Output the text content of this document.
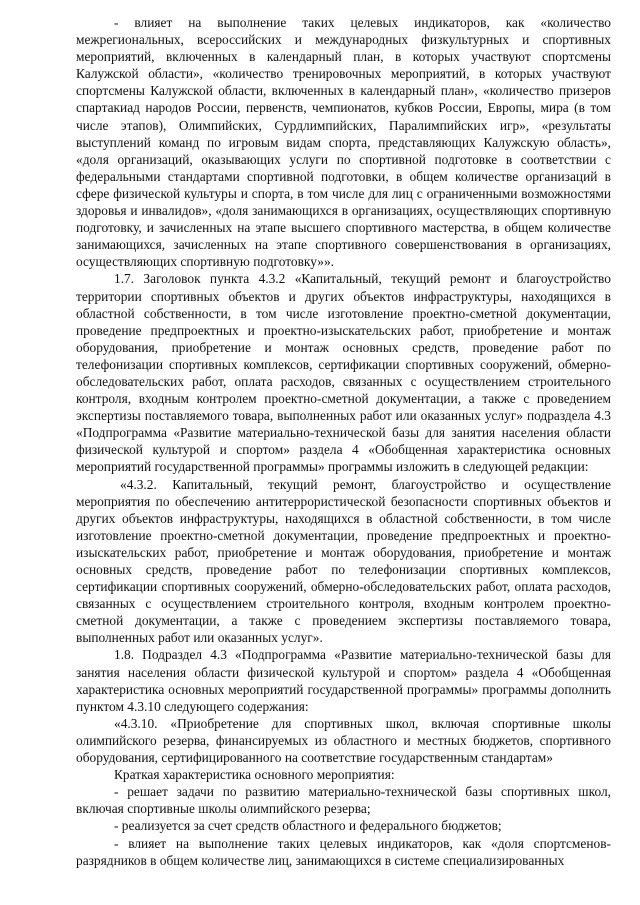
- влияет на выполнение таких целевых индикаторов, как «количество межрегиональных, всероссийских и международных физкультурных и спортивных мероприятий, включенных в календарный план, в которых участвуют спортсмены Калужской области», «количество тренировочных мероприятий, в которых участвуют спортсмены Калужской области, включенных в календарный план», «количество призеров спартакиад народов России, первенств, чемпионатов, кубков России, Европы, мира (в том числе этапов), Олимпийских, Сурдлимпийских, Паралимпийских игр», «результаты выступлений команд по игровым видам спорта, представляющих Калужскую область», «доля организаций, оказывающих услуги по спортивной подготовке в соответствии с федеральными стандартами спортивной подготовки, в общем количестве организаций в сфере физической культуры и спорта, в том числе для лиц с ограниченными возможностями здоровья и инвалидов», «доля занимающихся в организациях, осуществляющих спортивную подготовку, и зачисленных на этапе высшего спортивного мастерства, в общем количестве занимающихся, зачисленных на этапе спортивного совершенствования в организациях, осуществляющих спортивную подготовку»».

1.7. Заголовок пункта 4.3.2 «Капитальный, текущий ремонт и благоустройство территории спортивных объектов и других объектов инфраструктуры, находящихся в областной собственности, в том числе изготовление проектно-сметной документации, проведение предпроектных и проектно-изыскательских работ, приобретение и монтаж оборудования, приобретение и монтаж основных средств, проведение работ по телефонизации спортивных комплексов, сертификации спортивных сооружений, обмерно-обследовательских работ, оплата расходов, связанных с осуществлением строительного контроля, входным контролем проектно-сметной документации, а также с проведением экспертизы поставляемого товара, выполненных работ или оказанных услуг» подраздела 4.3 «Подпрограмма «Развитие материально-технической базы для занятия населения области физической культурой и спортом» раздела 4 «Обобщенная характеристика основных мероприятий государственной программы» программы изложить в следующей редакции:

«4.3.2. Капитальный, текущий ремонт, благоустройство и осуществление мероприятия по обеспечению антитеррористической безопасности спортивных объектов и других объектов инфраструктуры, находящихся в областной собственности, в том числе изготовление проектно-сметной документации, проведение предпроектных и проектно-изыскательских работ, приобретение и монтаж оборудования, приобретение и монтаж основных средств, проведение работ по телефонизации спортивных комплексов, сертификации спортивных сооружений, обмерно-обследовательских работ, оплата расходов, связанных с осуществлением строительного контроля, входным контролем проектно-сметной документации, а также с проведением экспертизы поставляемого товара, выполненных работ или оказанных услуг».

1.8. Подраздел 4.3 «Подпрограмма «Развитие материально-технической базы для занятия населения области физической культурой и спортом» раздела 4 «Обобщенная характеристика основных мероприятий государственной программы» программы дополнить пунктом 4.3.10 следующего содержания:

«4.3.10. «Приобретение для спортивных школ, включая спортивные школы олимпийского резерва, финансируемых из областного и местных бюджетов, спортивного оборудования, сертифицированного на соответствие государственным стандартам»

Краткая характеристика основного мероприятия:

- решает задачи по развитию материально-технической базы спортивных школ, включая спортивные школы олимпийского резерва;

- реализуется за счет средств областного и федерального бюджетов;

- влияет на выполнение таких целевых индикаторов, как «доля спортсменов-разрядников в общем количестве лиц, занимающихся в системе специализированных
